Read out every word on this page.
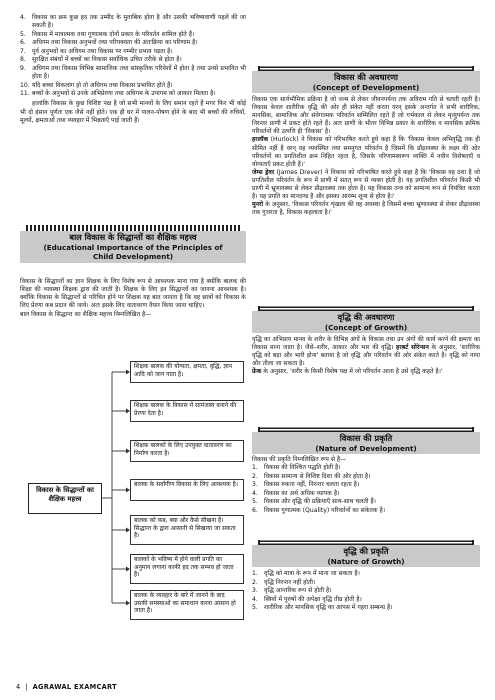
4. विकास का क्रम कुछ हद तक उम्मीद के मुताबिक होता है और उसकी भविष्यवाणी पहले की जा सकती है।
5. विकास में मात्रात्मक तथा गुणात्मक दोनों प्रकार के परिवर्तन शामिल होते हैं।
6. अधिगम तथा विकास अनुभवों तथा परिपक्वता की अंतःक्रिया का परिणाम है।
7. पूर्व अनुभवों का अधिगम तथा विकास पर गम्भीर प्रभाव पड़ता है।
8. सुरक्षित संबंधों में बच्चों का विकास सर्वाधिक उचित तरीके से होता है।
9. अधिगम तथा विकास विभिन्न सामाजिक तथा सांस्कृतिक परिवेशों में होता है तथा उनसे प्रभावित भी होता है।
10. यदि बच्चा विकलांग हो तो अधिगम तथा विकास प्रभावित होते हैं।
11. बच्चों के अनुभवों से उनके अभिप्रेरणा तथा अधिगम के उपागम को आकार मिलता है।

हालांकि विकास के कुछ विशिष्ट पक्ष है जो सभी मानवों के लिए समान रहते हैं मगर फिर भी कोई भी दो इंसान पूर्णतः एक जैसे नहीं होते। एक ही घर में पालन-पोषण होने के बाद भी बच्चों की रुचियाँ, मूल्यों, क्षमताओं तथा व्यवहार में भिन्नताएँ पाई जाती हैं।

बाल विकास के सिद्धान्तों का शैक्षिक महत्त्व
(Educational Importance of the Principles of Child Development)

विकास के सिद्धान्तों का ज्ञान शिक्षक के लिए विशेष रूप से आवश्यक माना गया है क्योंकि बालक की शिक्षा की व्यवस्था शिक्षक द्वारा की जाती है। शिक्षक के लिए इन सिद्धान्तों का जानना आवश्यक है। क्योंकि विकास के सिद्धान्तों से परिचित होने पर शिक्षक यह बात जानता है कि वह छात्रों को विकास के लिए प्रेरणा कब प्रदान की जाये। अतः इसके लिए वातावरण तैयार किया जाना चाहिए।

बाल विकास के सिद्धान्त का शैक्षिक महत्त्व निम्नलिखित है—

विकास के सिद्धान्तों का शैक्षिक महत्त्व
शिक्षक बालक की योग्यता, क्षमता, वृद्धि, ज्ञान आदि को जान पाता है।
शिक्षक बालक के विकास में सामंजस्य बनाने की प्रेरणा देता है।
शिक्षक बालकों के लिए उपयुक्त वातावरण का निर्माण करता है।
बालक के सर्वांगीण विकास के लिए आवश्यक है।
बालक को कब, क्या और कैसे सीखना है। सिद्धान्त के द्वारा आसानी से सिखाया जा सकता है।
बालकों के भविष्य में होने वाली प्रगति का अनुमान लगाना काफी हद तक सम्भव हो जाता है।
बालक के व्यवहार के बारे में जानने के बाद उसकी समस्याओं का समाधान करना आसान हो जाता है।
विकास की अवधारणा
(Concept of Development)

विकास एक सार्वभौमिक प्रक्रिया है जो जन्म से लेकर जीवनपर्यन्त तक अविराम गति से चलती रहती है। विकास केवल शारीरिक वृद्धि की ओर ही संकेत नहीं करता वरन् इसके अन्तर्गत वे सभी शारीरिक, मानसिक, सामाजिक और संवेगात्मक परिवर्तन सम्मिलित रहते हैं जो गर्भकाल से लेकर मृत्युपर्यन्त तक निरन्तर प्राणी में प्रकट होते रहते हैं। अतः प्राणी के भीतर विभिन्न प्रकार के शारीरिक व मानसिक क्रमिक परिवर्तनों की उत्पत्ति ही 'विकास' है।

हरलॉक (Hurlock) ने विकास को परिभाषित करते हुये कहा है कि 'विकास केवल अभिवृद्धि तक ही सीमित नहीं है वरन् यह व्यवस्थित तथा समनुगत परिवर्तन है जिसमें कि प्रौढ़ावस्था के लक्ष्य की ओर परिवर्तनों का प्रगतिशील क्रम निहित रहता है, जिसके परिणामस्वरूप व्यक्ति में नवीन विशेषताएँ व योग्यताएँ प्रकट होती हैं।'

जेम्स ड्रेवर (James Drever) ने विकास को परिभाषित करते हुये कहा है कि 'विकास वह दशा है जो प्रगतिशील परिवर्तन के रूप में प्राणी में सतत् रूप से व्यक्त होती है। यह प्रगतिशील परिवर्तन किसी भी प्राणी में भ्रूणावस्था से लेकर प्रौढ़ावस्था तक होता है। यह विकास तन्त्र को सामान्य रूप से नियंत्रित करता है। यह प्रगति का मानदण्ड है और इसका आरम्भ शून्य से होता है।'

मुनरो के अनुसार, 'विकास परिवर्तन शृंखला की वह अवस्था है जिसमें बच्चा भ्रूणावस्था से लेकर प्रौढ़ावस्था तक गुजरता है, विकास कहलाता है।'

वृद्धि की अवधारणा
(Concept of Growth)

वृद्धि का अभिप्राय मानव के शरीर के विभिन्न अंगों के विकास तथा उन अंगों की कार्य करने की क्षमता का विकास माना जाता है। जैसे–शरीर, आकार और भार की वृद्धि। हरबर्ट सोरेन्सन के अनुसार, 'शारीरिक वृद्धि को बड़ा और भारी होना' बताया है जो वृद्धि और परिवर्तन की ओर संकेत करते है। वृद्धि को नापा और तौला जा सकता है।

फ्रेंक के अनुसार, 'शरीर के किसी विशेष पक्ष में जो परिवर्तन आता है उसे वृद्धि कहते है।'

विकास की प्रकृति
(Nature of Development)

विकास की प्रकृति निम्नलिखित रूप से है—

1. विकास की निश्चित पद्धति होती है।
2. विकास सामान्य से विशिष्ट दिशा की ओर होता है।
3. विकास रुकता नहीं, निरन्तर चलता रहता है।
4. विकास का अर्थ अधिक व्यापक है।
5. विकास और वृद्धि की प्रक्रियाएँ साथ-साथ चलती हैं।
6. विकास गुणात्मक (Quality) परिवर्तनों का संकेतक है।
वृद्धि की प्रकृति
(Nature of Growth)
1. वृद्धि को मात्रा के रूप में माना जा सकता है।
2. वृद्धि निरन्तर नहीं होती।
3. वृद्धि आन्तरिक रूप से होती है।
4. स्त्रियों में पुरुषों की अपेक्षा वृद्धि तीव्र होती है।
5. शारीरिक और मानसिक वृद्धि का आपस में गहरा सम्बन्ध है।
4 | AGRAWAL EXAMCART
